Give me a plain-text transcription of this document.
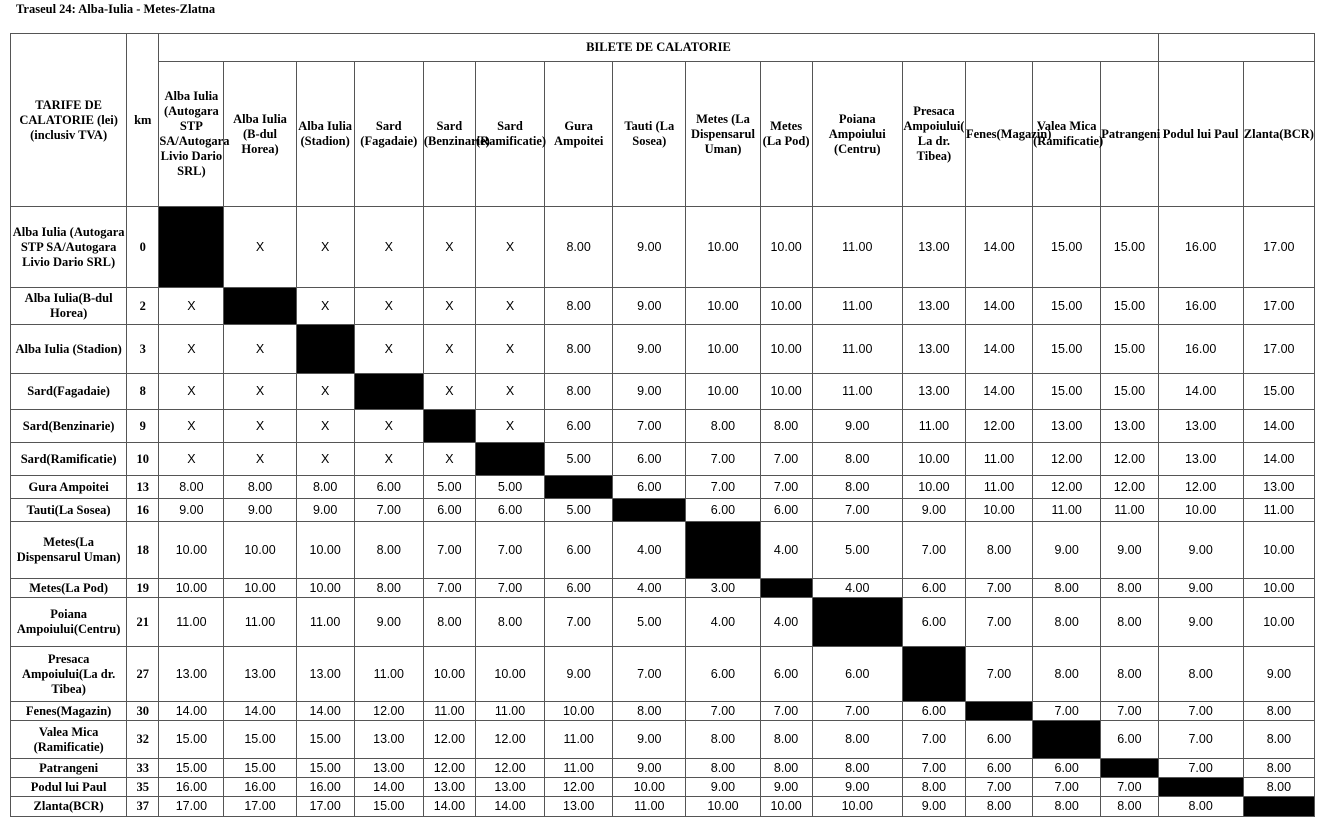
Traseul 24: Alba-Iulia - Metes-Zlatna
TARIFE DE CALATORIE (lei)(inclusiv TVA)	km	BILETE DE CALATORIE																
		Alba Iulia (Autogara STP SA/Autogara Livio Dario SRL)	Alba Iulia (B-dul Horea)	Alba Iulia (Stadion)	Sard (Fagadaie)	Sard (Benzinarie)	Sard (Ramificatie)	Gura Ampoitei	Tauti (La Sosea)	Metes (La Dispensarul Uman)	Metes (La Pod)	Poiana Ampoiului (Centru)	Presaca Ampoiului( La dr. Tibea)	Fenes(Magazin)	Valea Mica (Ramificatie)	Patrangeni	Podul lui Paul	Zlanta(BCR)
Alba Iulia (Autogara STP SA/Autogara Livio Dario SRL)	0		X	X	X	X	X	8.00	9.00	10.00	10.00	11.00	13.00	14.00	15.00	15.00	16.00	17.00
Alba Iulia(B-dul Horea)	2	X		X	X	X	X	8.00	9.00	10.00	10.00	11.00	13.00	14.00	15.00	15.00	16.00	17.00
Alba Iulia (Stadion)	3	X	X		X	X	X	8.00	9.00	10.00	10.00	11.00	13.00	14.00	15.00	15.00	16.00	17.00
Sard(Fagadaie)	8	X	X	X		X	X	8.00	9.00	10.00	10.00	11.00	13.00	14.00	15.00	15.00	14.00	15.00
Sard(Benzinarie)	9	X	X	X	X		X	6.00	7.00	8.00	8.00	9.00	11.00	12.00	13.00	13.00	13.00	14.00
Sard(Ramificatie)	10	X	X	X	X	X		5.00	6.00	7.00	7.00	8.00	10.00	11.00	12.00	12.00	13.00	14.00
Gura Ampoitei	13	8.00	8.00	8.00	6.00	5.00	5.00		6.00	7.00	7.00	8.00	10.00	11.00	12.00	12.00	12.00	13.00
Tauti(La Sosea)	16	9.00	9.00	9.00	7.00	6.00	6.00	5.00		6.00	6.00	7.00	9.00	10.00	11.00	11.00	10.00	11.00
Metes(La Dispensarul Uman)	18	10.00	10.00	10.00	8.00	7.00	7.00	6.00	4.00		4.00	5.00	7.00	8.00	9.00	9.00	9.00	10.00
Metes(La Pod)	19	10.00	10.00	10.00	8.00	7.00	7.00	6.00	4.00	3.00		4.00	6.00	7.00	8.00	8.00	9.00	10.00
Poiana Ampoiului(Centru)	21	11.00	11.00	11.00	9.00	8.00	8.00	7.00	5.00	4.00	4.00		6.00	7.00	8.00	8.00	9.00	10.00
Presaca Ampoiului(La dr. Tibea)	27	13.00	13.00	13.00	11.00	10.00	10.00	9.00	7.00	6.00	6.00	6.00		7.00	8.00	8.00	8.00	9.00
Fenes(Magazin)	30	14.00	14.00	14.00	12.00	11.00	11.00	10.00	8.00	7.00	7.00	7.00	6.00		7.00	7.00	7.00	8.00
Valea Mica (Ramificatie)	32	15.00	15.00	15.00	13.00	12.00	12.00	11.00	9.00	8.00	8.00	8.00	7.00	6.00		6.00	7.00	8.00
Patrangeni	33	15.00	15.00	15.00	13.00	12.00	12.00	11.00	9.00	8.00	8.00	8.00	7.00	6.00	6.00		7.00	8.00
Podul lui Paul	35	16.00	16.00	16.00	14.00	13.00	13.00	12.00	10.00	9.00	9.00	9.00	8.00	7.00	7.00	7.00		8.00
Zlanta(BCR)	37	17.00	17.00	17.00	15.00	14.00	14.00	13.00	11.00	10.00	10.00	10.00	9.00	8.00	8.00	8.00	8.00	
